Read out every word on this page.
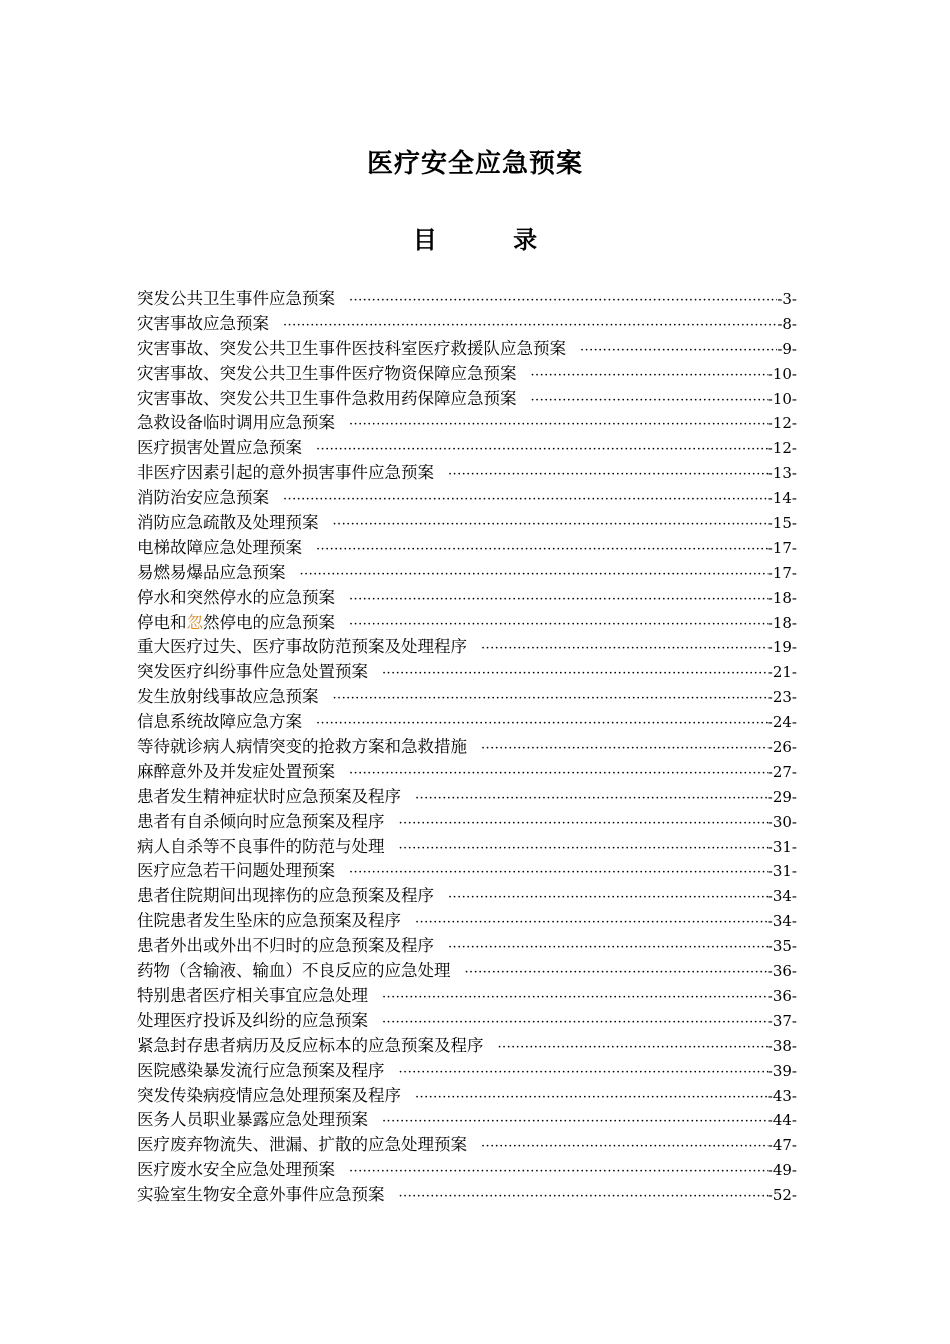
医疗安全应急预案
目 录
突发公共卫生事件应急预案 ·····	-3-
灾害事故应急预案 ·····	-8-
灾害事故、突发公共卫生事件医技科室医疗救援队应急预案 ·····	-9-
灾害事故、突发公共卫生事件医疗物资保障应急预案 ·····	-10-
灾害事故、突发公共卫生事件急救用药保障应急预案 ·····	-10-
急救设备临时调用应急预案 ·····	-12-
医疗损害处置应急预案 ·····	-12-
非医疗因素引起的意外损害事件应急预案 ·····	-13-
消防治安应急预案 ·····	-14-
消防应急疏散及处理预案 ·····	-15-
电梯故障应急处理预案 ·····	-17-
易燃易爆品应急预案 ·····	-17-
停水和突然停水的应急预案 ·····	-18-
停电和忽然停电的应急预案 ·····	-18-
重大医疗过失、医疗事故防范预案及处理程序 ·····	-19-
突发医疗纠纷事件应急处置预案 ·····	-21-
发生放射线事故应急预案 ·····	-23-
信息系统故障应急方案 ·····	-24-
等待就诊病人病情突变的抢救方案和急救措施 ·····	-26-
麻醉意外及并发症处置预案 ·····	-27-
患者发生精神症状时应急预案及程序 ·····	-29-
患者有自杀倾向时应急预案及程序 ·····	-30-
病人自杀等不良事件的防范与处理 ·····	-31-
医疗应急若干问题处理预案 ·····	-31-
患者住院期间出现摔伤的应急预案及程序 ·····	-34-
住院患者发生坠床的应急预案及程序 ·····	-34-
患者外出或外出不归时的应急预案及程序 ·····	-35-
药物（含输液、输血）不良反应的应急处理 ·····	-36-
特别患者医疗相关事宜应急处理 ·····	-36-
处理医疗投诉及纠纷的应急预案 ·····	-37-
紧急封存患者病历及反应标本的应急预案及程序 ·····	-38-
医院感染暴发流行应急预案及程序 ·····	-39-
突发传染病疫情应急处理预案及程序 ·····	-43-
医务人员职业暴露应急处理预案 ·····	-44-
医疗废弃物流失、泄漏、扩散的应急处理预案 ·····	-47-
医疗废水安全应急处理预案 ·····	-49-
实验室生物安全意外事件应急预案 ·····	-52-
